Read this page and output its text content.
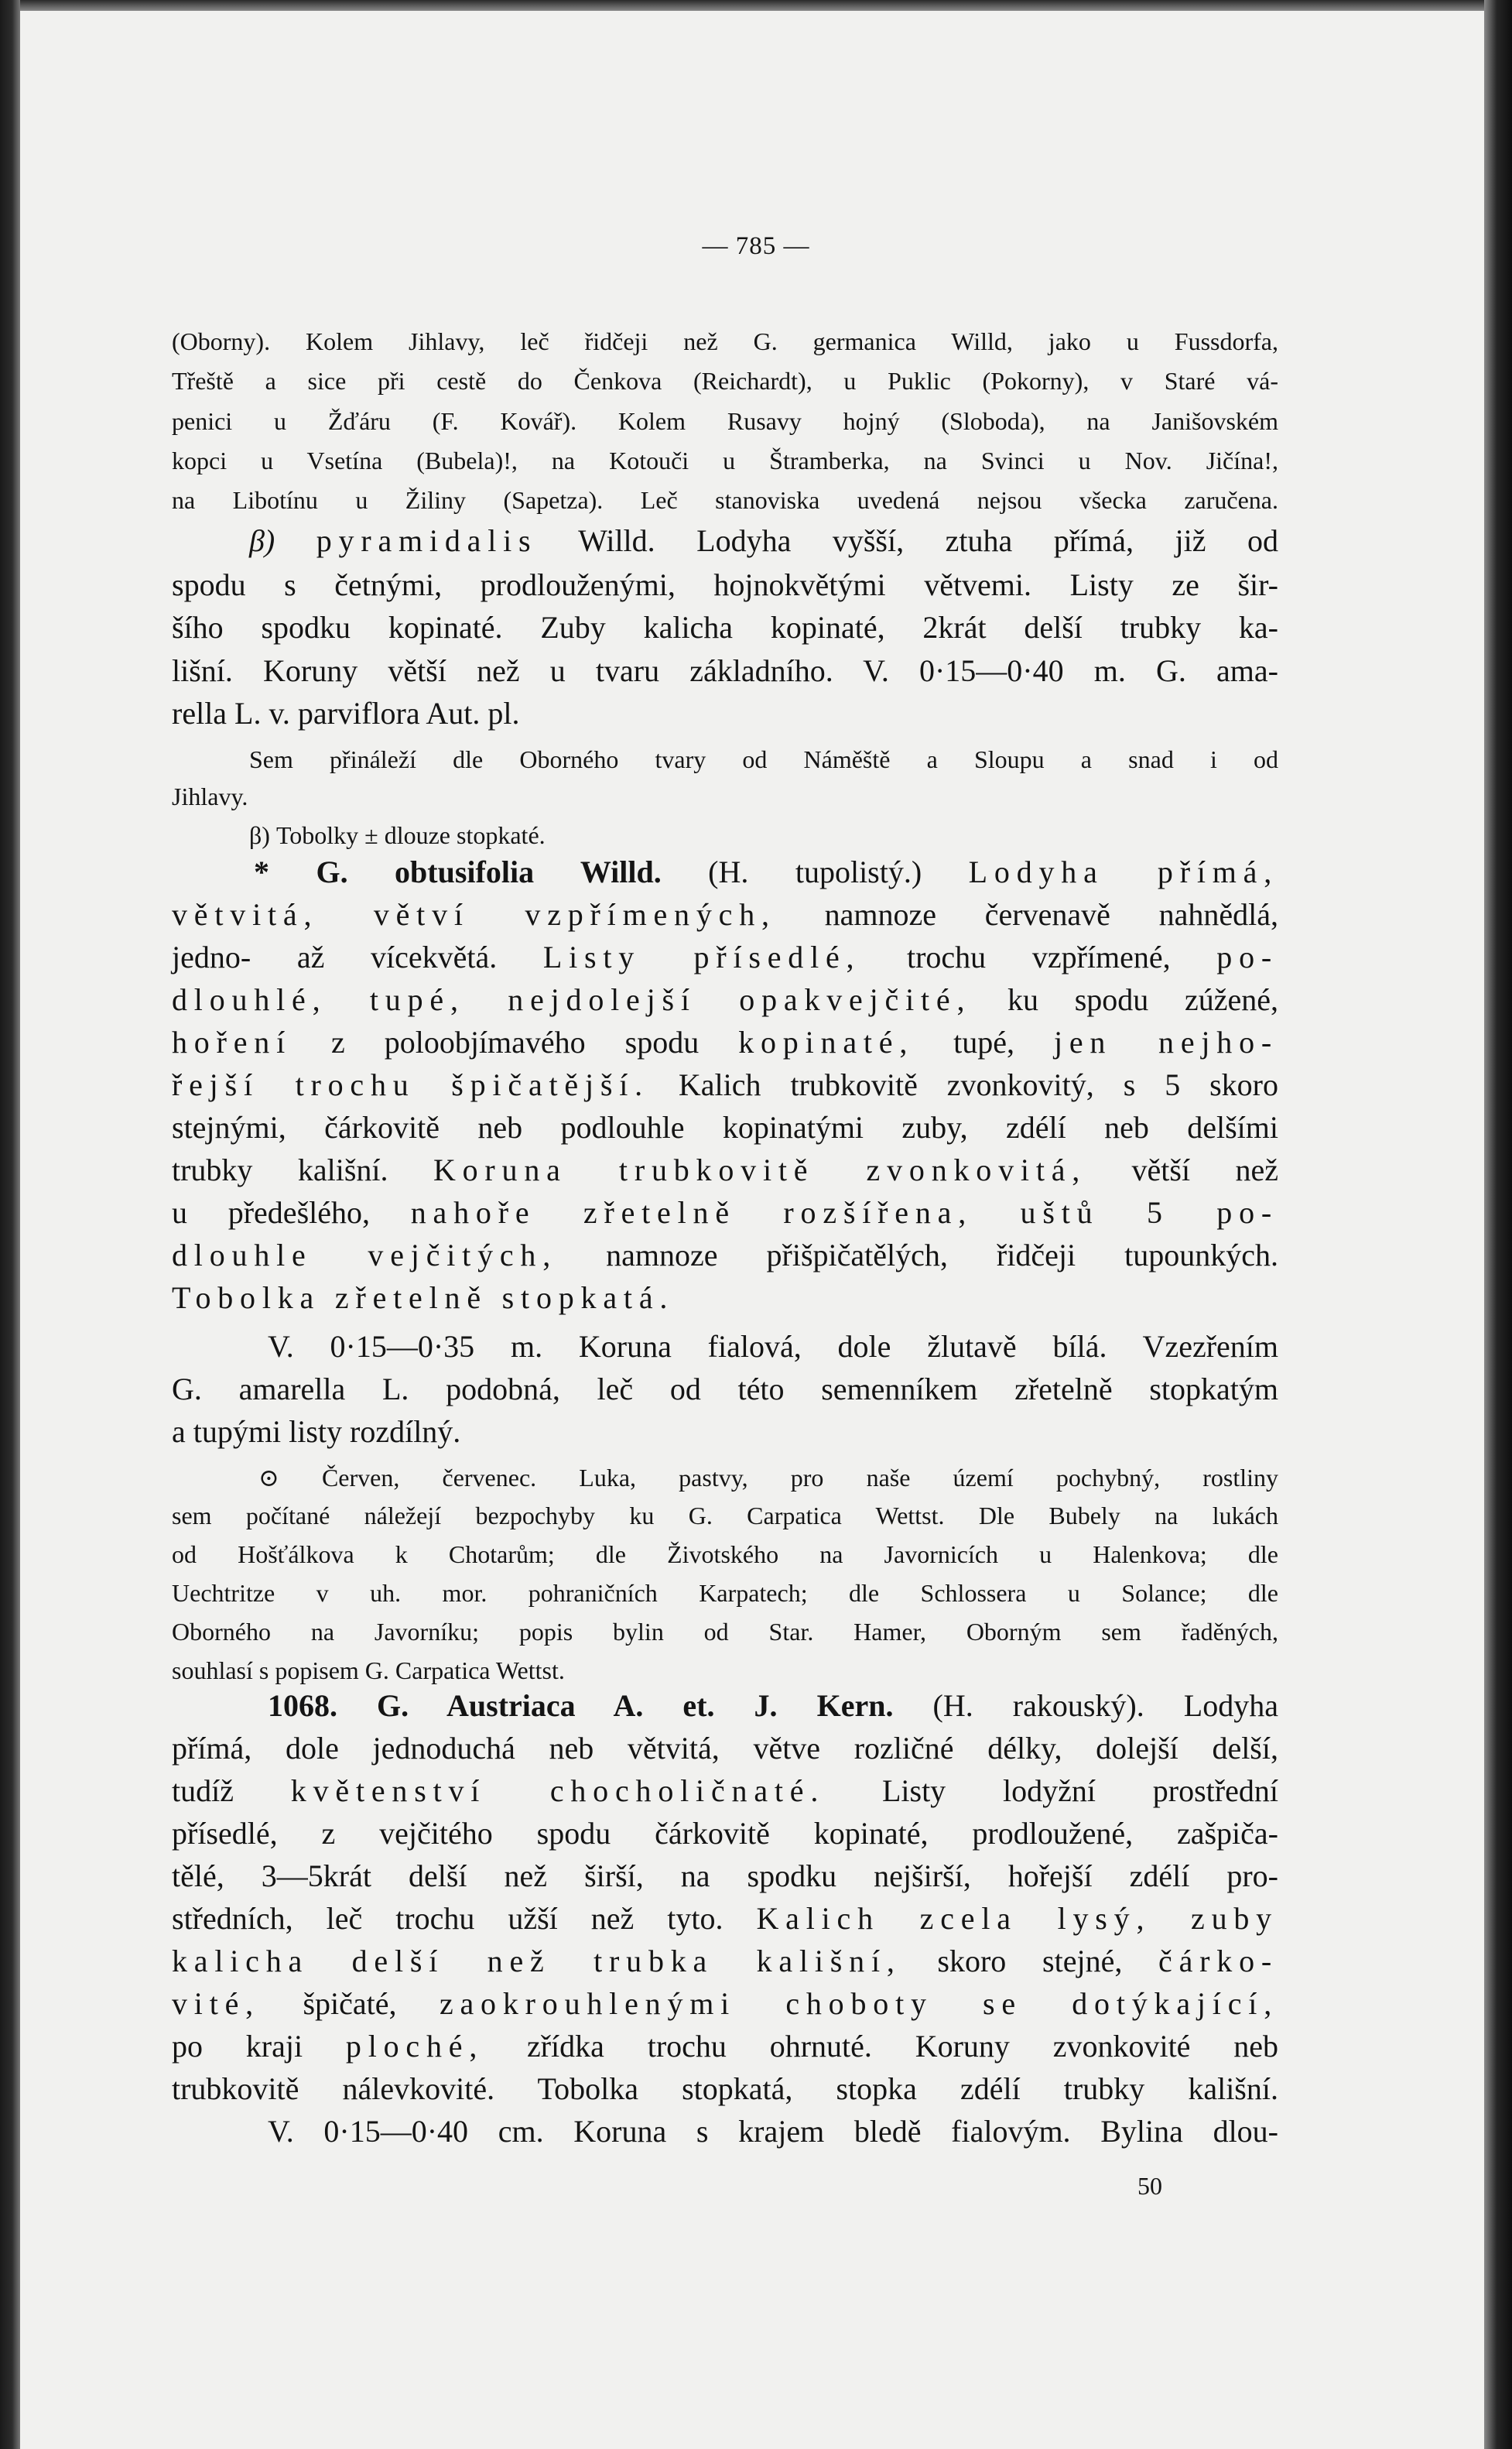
— 785 —
(Oborny). Kolem Jihlavy, leč řidčeji než G. germanica Willd, jako u Fussdorfa,
Třeště a sice při cestě do Čenkova (Reichardt), u Puklic (Pokorny), v Staré vá-
penici u Žďáru (F. Kovář). Kolem Rusavy hojný (Sloboda), na Janišovském
kopci u Vsetína (Bubela)!, na Kotouči u Štramberka, na Svinci u Nov. Jičína!,
na Libotínu u Žiliny (Sapetza). Leč stanoviska uvedená nejsou všecka zaručena.
β) pyramidalis Willd. Lodyha vyšší, ztuha přímá, již od
spodu s četnými, prodlouženými, hojnokvětými větvemi. Listy ze šir-
šího spodku kopinaté. Zuby kalicha kopinaté, 2krát delší trubky ka-
lišní. Koruny větší než u tvaru základního. V. 0·15—0·40 m. G. ama-
rella L. v. parviflora Aut. pl.
Sem přináleží dle Oborného tvary od Náměště a Sloupu a snad i od
Jihlavy.
β) Tobolky ± dlouze stopkaté.
* G. obtusifolia Willd. (H. tupolistý.) Lodyha přímá,
větvitá, větví vzpřímených, namnoze červenavě nahnědlá,
jedno- až vícekvětá. Listy přísedlé, trochu vzpřímené, po-
dlouhlé, tupé, nejdolejší opakvejčité, ku spodu zúžené,
hoření z poloobjímavého spodu kopinaté, tupé, jen nejho-
řejší trochu špičatější. Kalich trubkovitě zvonkovitý, s 5 skoro
stejnými, čárkovitě neb podlouhle kopinatými zuby, zdélí neb delšími
trubky kališní. Koruna trubkovitě zvonkovitá, větší než
u předešlého, nahoře zřetelně rozšířena, uštů 5 po-
dlouhle vejčitých, namnoze přišpičatělých, řidčeji tupounkých.
Tobolka zřetelně stopkatá.
V. 0·15—0·35 m. Koruna fialová, dole žlutavě bílá. Vzezřením
G. amarella L. podobná, leč od této semenníkem zřetelně stopkatým
a tupými listy rozdílný.
⊙ Červen, červenec. Luka, pastvy, pro naše území pochybný, rostliny
sem počítané náležejí bezpochyby ku G. Carpatica Wettst. Dle Bubely na lukách
od Hošťálkova k Chotarům; dle Životského na Javornicích u Halenkova; dle
Uechtritze v uh. mor. pohraničních Karpatech; dle Schlossera u Solance; dle
Oborného na Javorníku; popis bylin od Star. Hamer, Oborným sem řaděných,
souhlasí s popisem G. Carpatica Wettst.
1068. G. Austriaca A. et. J. Kern. (H. rakouský). Lodyha
přímá, dole jednoduchá neb větvitá, větve rozličné délky, dolejší delší,
tudíž květenství chocholičnaté. Listy lodyžní prostřední
přísedlé, z vejčitého spodu čárkovitě kopinaté, prodloužené, zašpiča-
tělé, 3—5krát delší než širší, na spodku nejširší, hořejší zdélí pro-
středních, leč trochu užší než tyto. Kalich zcela lysý, zuby
kalicha delší než trubka kališní, skoro stejné, čárko-
vité, špičaté, zaokrouhlenými choboty se dotýkající,
po kraji ploché, zřídka trochu ohrnuté. Koruny zvonkovité neb
trubkovitě nálevkovité. Tobolka stopkatá, stopka zdélí trubky kališní.
V. 0·15—0·40 cm. Koruna s krajem bledě fialovým. Bylina dlou-
50
